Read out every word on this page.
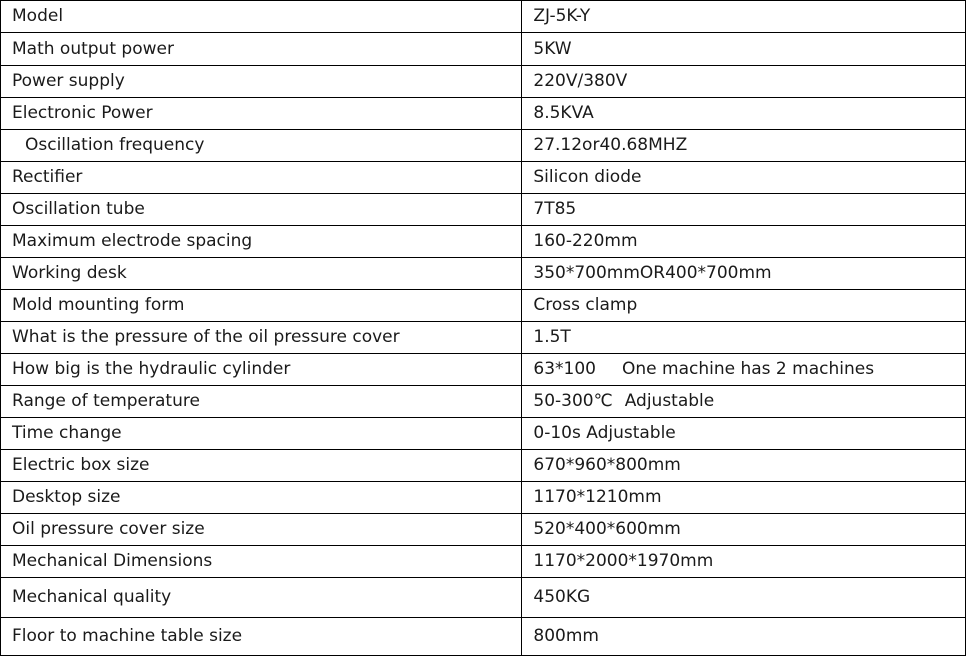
Model	ZJ-5K-Y
Math output power	5KW
Power supply	220V/380V
Electronic Power	8.5KVA
Oscillation frequency	27.12or40.68MHZ
Rectifier	Silicon diode
Oscillation tube	7T85
Maximum electrode spacing	160-220mm
Working desk	350*700mmOR400*700mm
Mold mounting form	Cross clamp
What is the pressure of the oil pressure cover	1.5T
How big is the hydraulic cylinder	63*100 One machine has 2 machines
Range of temperature	50-300℃ Adjustable
Time change	0-10s Adjustable
Electric box size	670*960*800mm
Desktop size	1170*1210mm
Oil pressure cover size	520*400*600mm
Mechanical Dimensions	1170*2000*1970mm
Mechanical quality	450KG
Floor to machine table size	800mm
